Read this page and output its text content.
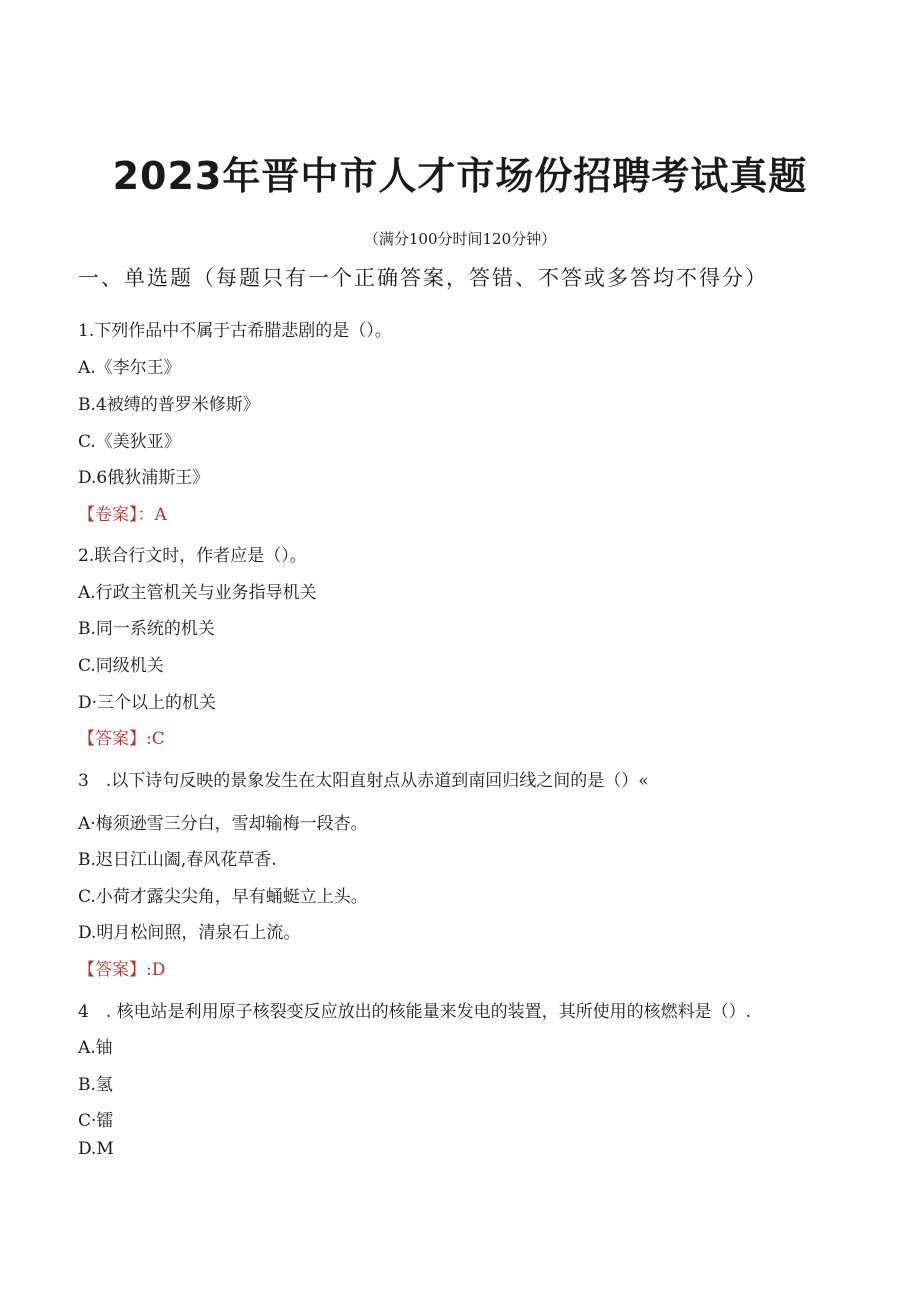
2023年晋中市人才市场份招聘考试真题
（满分100分时间120分钟）
一、单选题（每题只有一个正确答案，答错、不答或多答均不得分）
1.下列作品中不属于古希腊悲剧的是（）。
A.《李尔王》
B.4被缚的普罗米修斯》
C.《美狄亚》
D.6俄狄浦斯王》
【卷案】：A
2.联合行文时，作者应是（）。
A.行政主管机关与业务指导机关
B.同一系统的机关
C.同级机关
D·三个以上的机关
【答案】:C
3　.以下诗句反映的景象发生在太阳直射点从赤道到南回归线之间的是（）«
A·梅须逊雪三分白，雪却输梅一段杏。
B.迟日江山阖,春风花草香.
C.小荷才露尖尖角，早有蛹蜓立上头。
D.明月松间照，清泉石上流。
【答案】:D
4　. 核电站是利用原子核裂变反应放出的核能量来发电的装置，其所使用的核燃料是（）.
A.铀
B.氢
C·镭
D.M
